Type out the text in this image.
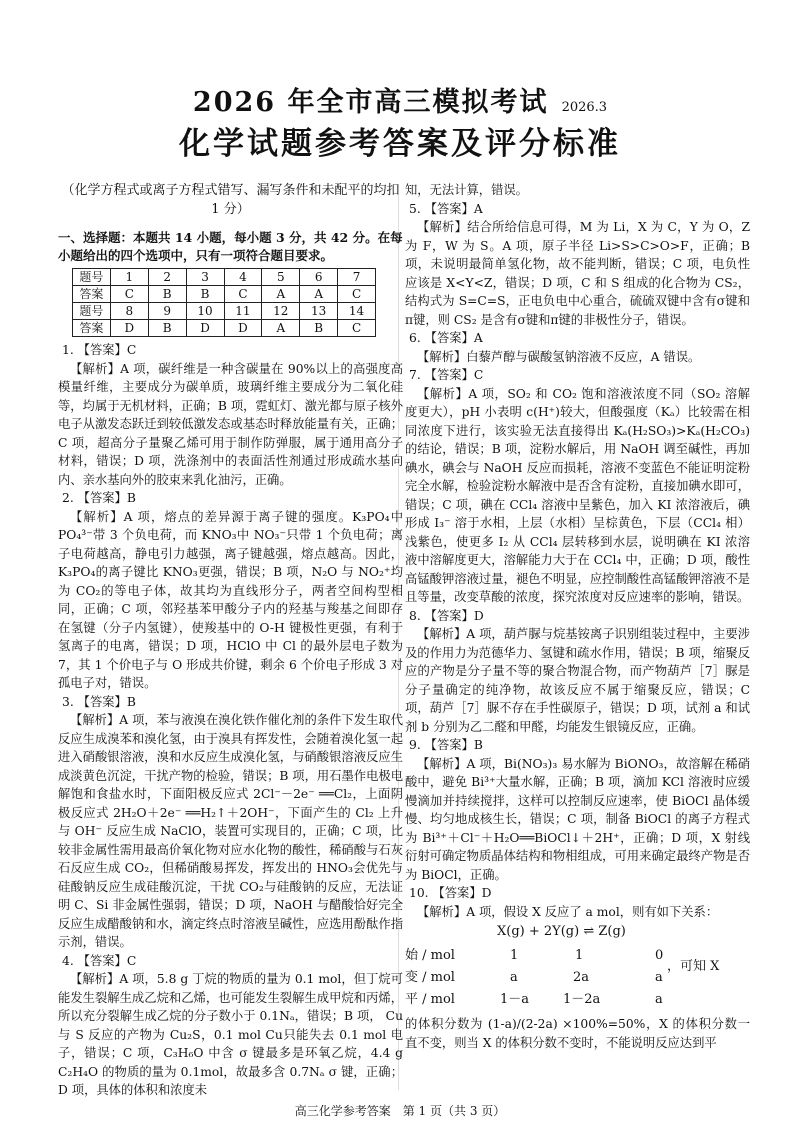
2026 年全市高三模拟考试 2026.3
化学试题参考答案及评分标准

（化学方程式或离子方程式错写、漏写条件和未配平的均扣 1 分）

一、选择题：本题共 14 小题，每小题 3 分，共 42 分。在每小题给出的四个选项中，只有一项符合题目要求。

题号	1	2	3	4	5	6	7
答案	C	B	B	C	A	A	C
题号	8	9	10	11	12	13	14
答案	D	B	D	D	A	B	C

1. 【答案】C

【解析】A 项，碳纤维是一种含碳量在 90%以上的高强度高模量纤维，主要成分为碳单质，玻璃纤维主要成分为二氧化硅等，均属于无机材料，正确；B 项，霓虹灯、激光都与原子核外电子从激发态跃迁到较低激发态或基态时释放能量有关，正确；C 项，超高分子量聚乙烯可用于制作防弹服，属于通用高分子材料，错误；D 项，洗涤剂中的表面活性剂通过形成疏水基向内、亲水基向外的胶束来乳化油污，正确。

2. 【答案】B

【解析】A 项，熔点的差异源于离子键的强度。K₃PO₄中 PO₄³⁻带 3 个负电荷，而 KNO₃中 NO₃⁻只带 1 个负电荷；离子电荷越高，静电引力越强，离子键越强，熔点越高。因此，K₃PO₄的离子键比 KNO₃更强，错误；B 项，N₂O 与 NO₂⁺均为 CO₂的等电子体，故其均为直线形分子，两者空间构型相同，正确；C 项，邻羟基苯甲酸分子内的羟基与羧基之间即存在氢键（分子内氢键），使羧基中的 O-H 键极性更强，有利于氢离子的电离，错误；D 项，HClO 中 Cl 的最外层电子数为 7，其 1 个价电子与 O 形成共价键，剩余 6 个价电子形成 3 对孤电子对，错误。

3. 【答案】B

【解析】A 项，苯与液溴在溴化铁作催化剂的条件下发生取代反应生成溴苯和溴化氢，由于溴具有挥发性，会随着溴化氢一起进入硝酸银溶液，溴和水反应生成溴化氢，与硝酸银溶液反应生成淡黄色沉淀，干扰产物的检验，错误；B 项，用石墨作电极电解饱和食盐水时，下面阳极反应式 2Cl⁻－2e⁻ ══Cl₂，上面阴极反应式 2H₂O＋2e⁻ ══H₂↑＋2OH⁻，下面产生的 Cl₂ 上升与 OH⁻ 反应生成 NaClO，装置可实现目的，正确；C 项，比较非金属性需用最高价氧化物对应水化物的酸性，稀硝酸与石灰石反应生成 CO₂，但稀硝酸易挥发，挥发出的 HNO₃会优先与硅酸钠反应生成硅酸沉淀，干扰 CO₂与硅酸钠的反应，无法证明 C、Si 非金属性强弱，错误；D 项，NaOH 与醋酸恰好完全反应生成醋酸钠和水，滴定终点时溶液呈碱性，应选用酚酞作指示剂，错误。

4. 【答案】C

【解析】A 项，5.8 g 丁烷的物质的量为 0.1 mol，但丁烷可能发生裂解生成乙烷和乙烯，也可能发生裂解生成甲烷和丙烯，所以充分裂解生成乙烷的分子数小于 0.1Nₐ，错误；B 项， Cu 与 S 反应的产物为 Cu₂S，0.1 mol Cu只能失去 0.1 mol 电子，错误；C 项，C₃H₆O 中含 σ 键最多是环氧乙烷，4.4 g C₂H₄O 的物质的量为 0.1mol，故最多含 0.7Nₐ σ 键，正确；D 项，具体的体积和浓度未

知，无法计算，错误。

5. 【答案】A

【解析】结合所给信息可得，M 为 Li，X 为 C，Y 为 O，Z 为 F，W 为 S。A 项，原子半径 Li>S>C>O>F，正确；B 项，未说明最简单氢化物，故不能判断，错误；C 项，电负性应该是 X<Y<Z，错误；D 项，C 和 S 组成的化合物为 CS₂，结构式为 S=C=S，正电负电中心重合，硫硫双键中含有σ键和π键，则 CS₂ 是含有σ键和π键的非极性分子，错误。

6. 【答案】A

【解析】白藜芦醇与碳酸氢钠溶液不反应，A 错误。

7. 【答案】C

【解析】A 项，SO₂ 和 CO₂ 饱和溶液浓度不同（SO₂ 溶解度更大），pH 小表明 c(H⁺)较大，但酸强度（Kₐ）比较需在相同浓度下进行，该实验无法直接得出 Kₐ(H₂SO₃)>Kₐ(H₂CO₃)的结论，错误；B 项，淀粉水解后，用 NaOH 调至碱性，再加碘水，碘会与 NaOH 反应而损耗，溶液不变蓝色不能证明淀粉完全水解，检验淀粉水解液中是否含有淀粉，直接加碘水即可，错误；C 项，碘在 CCl₄ 溶液中呈紫色，加入 KI 浓溶液后，碘形成 I₃⁻ 溶于水相，上层（水相）呈棕黄色，下层（CCl₄ 相）浅紫色，使更多 I₂ 从 CCl₄ 层转移到水层，说明碘在 KI 浓溶液中溶解度更大，溶解能力大于在 CCl₄ 中，正确；D 项，酸性高锰酸钾溶液过量，褪色不明显，应控制酸性高锰酸钾溶液不是且等量，改变草酸的浓度，探究浓度对反应速率的影响，错误。

8. 【答案】D

【解析】A 项，葫芦脲与烷基铵离子识别组装过程中，主要涉及的作用力为范德华力、氢键和疏水作用，错误；B 项，缩聚反应的产物是分子量不等的聚合物混合物，而产物葫芦［7］脲是分子量确定的纯净物，故该反应不属于缩聚反应，错误；C 项，葫芦［7］脲不存在手性碳原子，错误；D 项，试剂 a 和试剂 b 分别为乙二醛和甲醛，均能发生银镜反应，正确。

9. 【答案】B

【解析】A 项，Bi(NO₃)₃ 易水解为 BiONO₃，故溶解在稀硝酸中，避免 Bi³⁺大量水解，正确；B 项，滴加 KCl 溶液时应缓慢滴加并持续搅拌，这样可以控制反应速率，使 BiOCl 晶体缓慢、均匀地成核生长，错误；C 项，制备 BiOCl 的离子方程式为 Bi³⁺＋Cl⁻＋H₂O══BiOCl↓＋2H⁺，正确；D 项，X 射线衍射可确定物质晶体结构和物相组成，可用来确定最终产物是否为 BiOCl，正确。

10. 【答案】D

【解析】A 项，假设 X 反应了 a mol，则有如下关系：

X(g) + 2Y(g) ⇌ Z(g)
始 / mol	1	1	0
变 / mol	a	2a	a
，可知 X
平 / mol	1－a	1－2a	a

的体积分数为 (1-a)/(2-2a) ×100%=50%，X 的体积分数一直不变，则当 X 的体积分数不变时，不能说明反应达到平

高三化学参考答案　第 1 页（共 3 页）
